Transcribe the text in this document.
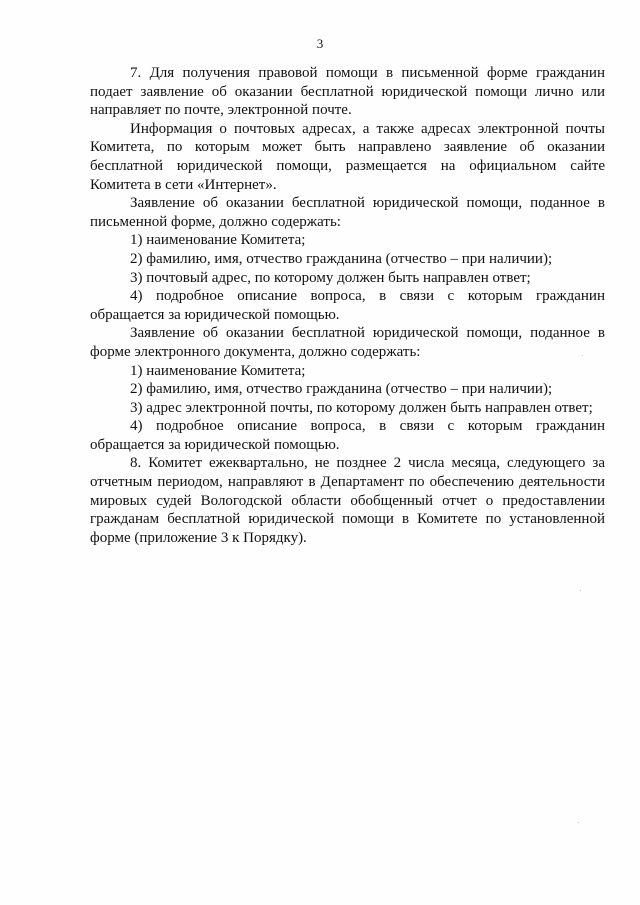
3

7. Для получения правовой помощи в письменной форме гражданин подает заявление об оказании бесплатной юридической помощи лично или направляет по почте, электронной почте.

Информация о почтовых адресах, а также адресах электронной почты Комитета, по которым может быть направлено заявление об оказании бесплатной юридической помощи, размещается на официальном сайте Комитета в сети «Интернет».

Заявление об оказании бесплатной юридической помощи, поданное в письменной форме, должно содержать:

1) наименование Комитета;

2) фамилию, имя, отчество гражданина (отчество – при наличии);

3) почтовый адрес, по которому должен быть направлен ответ;

4) подробное описание вопроса, в связи с которым гражданин обращается за юридической помощью.

Заявление об оказании бесплатной юридической помощи, поданное в форме электронного документа, должно содержать:

1) наименование Комитета;

2) фамилию, имя, отчество гражданина (отчество – при наличии);

3) адрес электронной почты, по которому должен быть направлен ответ;

4) подробное описание вопроса, в связи с которым гражданин обращается за юридической помощью.

8. Комитет ежеквартально, не позднее 2 числа месяца, следующего за отчетным периодом, направляют в Департамент по обеспечению деятельности мировых судей Вологодской области обобщенный отчет о предоставлении гражданам бесплатной юридической помощи в Комитете по установленной форме (приложение 3 к Порядку).
